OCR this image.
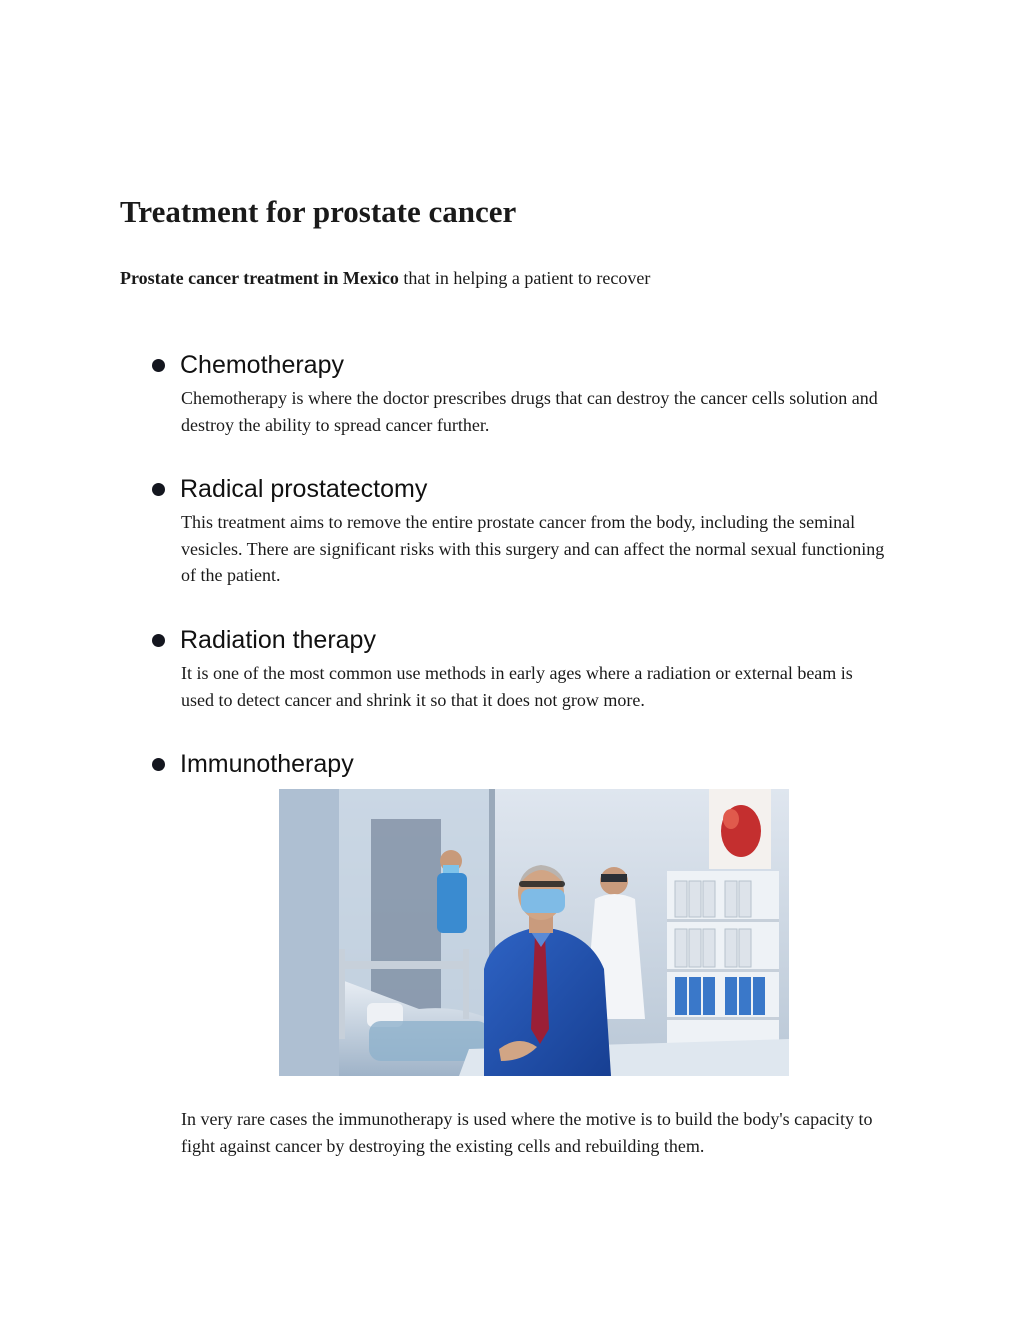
Treatment for prostate cancer

Prostate cancer treatment in Mexico that in helping a patient to recover

Chemotherapy
Chemotherapy is where the doctor prescribes drugs that can destroy the cancer cells solution and destroy the ability to spread cancer further.
Radical prostatectomy
This treatment aims to remove the entire prostate cancer from the body, including the seminal vesicles. There are significant risks with this surgery and can affect the normal sexual functioning of the patient.
Radiation therapy
It is one of the most common use methods in early ages where a radiation or external beam is used to detect cancer and shrink it so that it does not grow more.
Immunotherapy

In very rare cases the immunotherapy is used where the motive is to build the body's capacity to fight against cancer by destroying the existing cells and rebuilding them.
